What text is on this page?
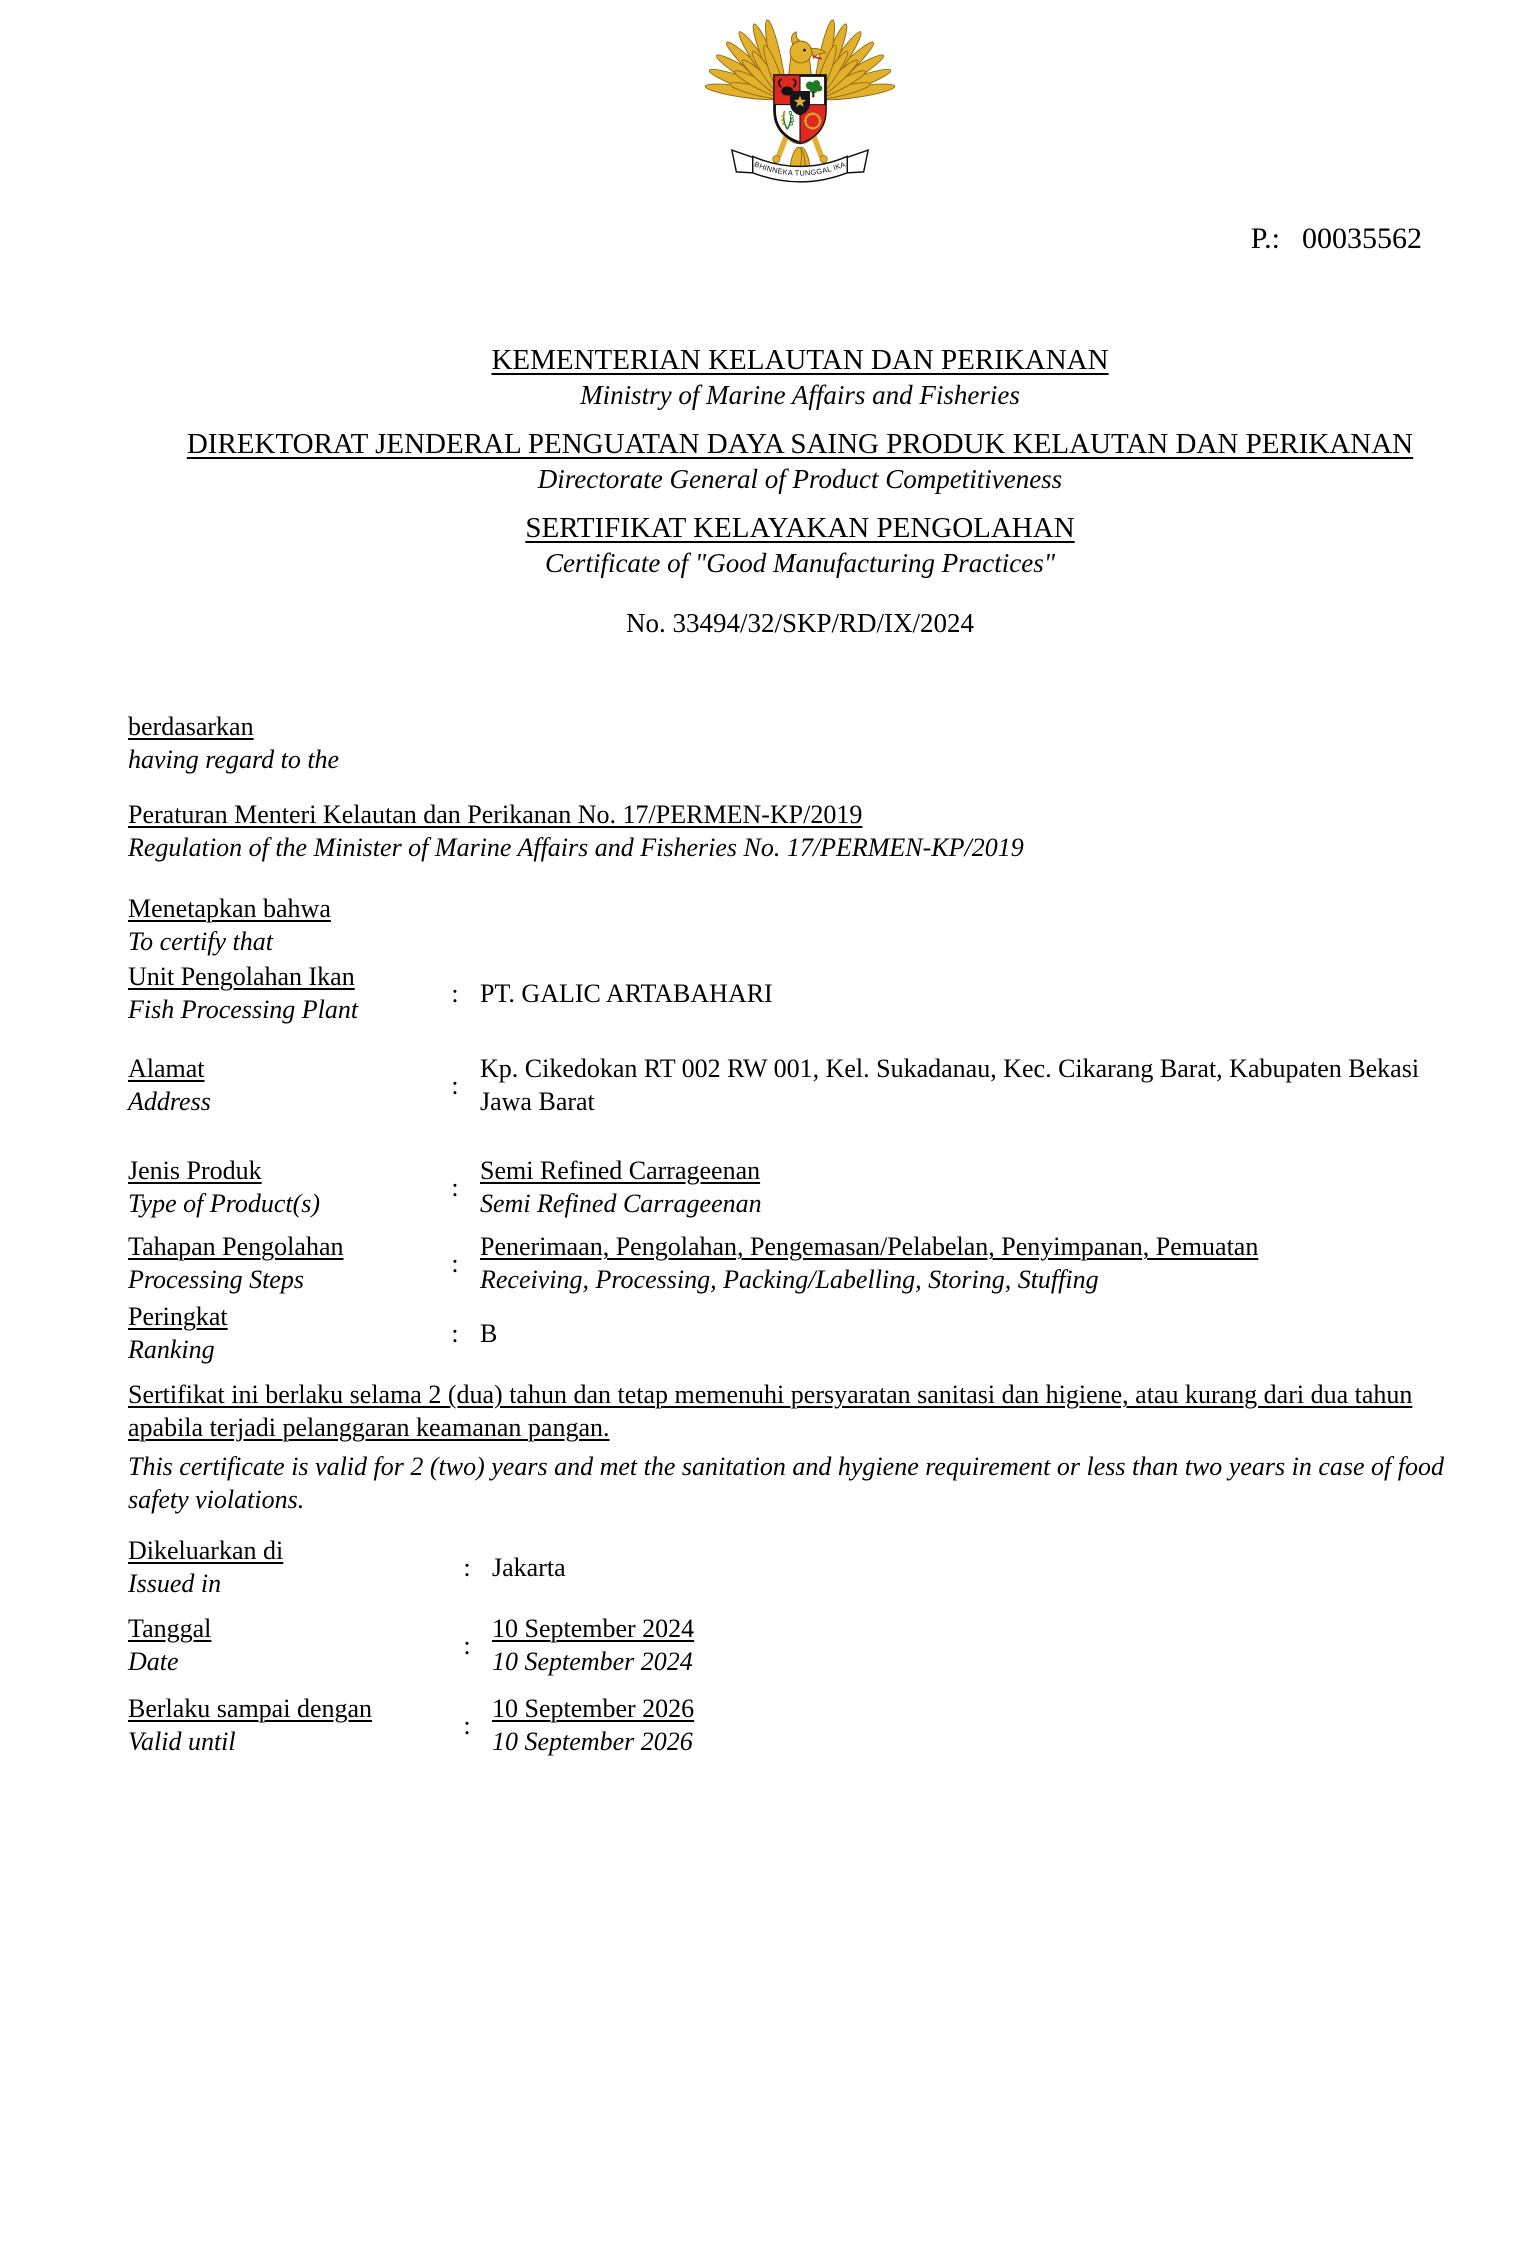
BHINNEKA TUNGGAL IKA
P.: 00035562
KEMENTERIAN KELAUTAN DAN PERIKANAN
Ministry of Marine Affairs and Fisheries
DIREKTORAT JENDERAL PENGUATAN DAYA SAING PRODUK KELAUTAN DAN PERIKANAN
Directorate General of Product Competitiveness
SERTIFIKAT KELAYAKAN PENGOLAHAN
Certificate of "Good Manufacturing Practices"
No. 33494/32/SKP/RD/IX/2024
berdasarkan
having regard to the
Peraturan Menteri Kelautan dan Perikanan No. 17/PERMEN-KP/2019
Regulation of the Minister of Marine Affairs and Fisheries No. 17/PERMEN-KP/2019
Menetapkan bahwa
To certify that
Unit Pengolahan Ikan
Fish Processing Plant
: PT. GALIC ARTABAHARI
Alamat
Address
:
Kp. Cikedokan RT 002 RW 001, Kel. Sukadanau, Kec. Cikarang Barat, Kabupaten Bekasi
Jawa Barat
Jenis Produk
Type of Product(s)
:
Semi Refined Carrageenan
Semi Refined Carrageenan
Tahapan Pengolahan
Processing Steps
:
Penerimaan, Pengolahan, Pengemasan/Pelabelan, Penyimpanan, Pemuatan
Receiving, Processing, Packing/Labelling, Storing, Stuffing
Peringkat
Ranking
: B
Sertifikat ini berlaku selama 2 (dua) tahun dan tetap memenuhi persyaratan sanitasi dan higiene, atau kurang dari dua tahun apabila terjadi pelanggaran keamanan pangan.
This certificate is valid for 2 (two) years and met the sanitation and hygiene requirement or less than two years in case of food safety violations.
Dikeluarkan di
Issued in
: Jakarta
Tanggal
Date
:
10 September 2024
10 September 2024
Berlaku sampai dengan
Valid until
:
10 September 2026
10 September 2026
